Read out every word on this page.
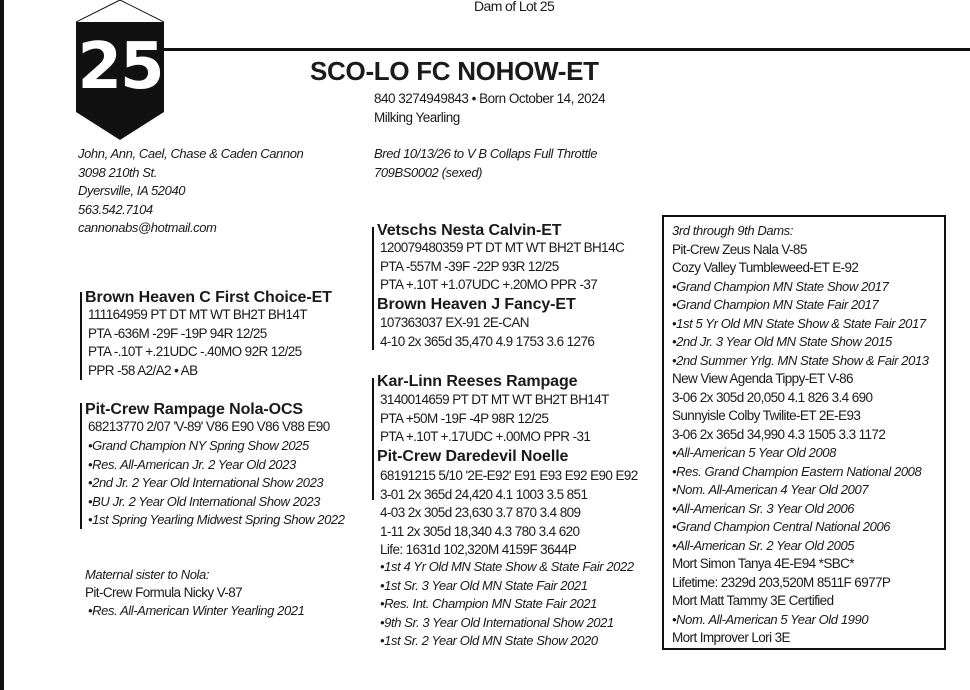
25
Dam of Lot 25
SCO-LO FC NOHOW-ET
840 3274949843 • Born October 14, 2024
Milking Yearling
John, Ann, Cael, Chase & Caden Cannon
3098 210th St.
Dyersville, IA 52040
563.542.7104
cannonabs@hotmail.com
Bred 10/13/26 to V B Collaps Full Throttle
709BS0002 (sexed)
Brown Heaven C First Choice-ET
111164959 PT DT MT WT BH2T BH14T
PTA -636M -29F -19P 94R 12/25
PTA -.10T +.21UDC -.40MO 92R 12/25
PPR -58 A2/A2 • AB
Pit-Crew Rampage Nola-OCS
68213770 2/07 'V-89' V86 E90 V86 V88 E90
•Grand Champion NY Spring Show 2025
•Res. All-American Jr. 2 Year Old 2023
•2nd Jr. 2 Year Old International Show 2023
•BU Jr. 2 Year Old International Show 2023
•1st Spring Yearling Midwest Spring Show 2022
Maternal sister to Nola:
Pit-Crew Formula Nicky V-87
•Res. All-American Winter Yearling 2021
Vetschs Nesta Calvin-ET
120079480359 PT DT MT WT BH2T BH14C
PTA -557M -39F -22P 93R 12/25
PTA +.10T +1.07UDC +.20MO PPR -37
Brown Heaven J Fancy-ET
107363037 EX-91 2E-CAN
4-10 2x 365d 35,470 4.9 1753 3.6 1276
Kar-Linn Reeses Rampage
3140014659 PT DT MT WT BH2T BH14T
PTA +50M -19F -4P 98R 12/25
PTA +.10T +.17UDC +.00MO PPR -31
Pit-Crew Daredevil Noelle
68191215 5/10 '2E-E92' E91 E93 E92 E90 E92
3-01 2x 365d 24,420 4.1 1003 3.5 851
4-03 2x 305d 23,630 3.7 870 3.4 809
1-11 2x 305d 18,340 4.3 780 3.4 620
Life: 1631d 102,320M 4159F 3644P
•1st 4 Yr Old MN State Show & State Fair 2022
•1st Sr. 3 Year Old MN State Fair 2021
•Res. Int. Champion MN State Fair 2021
•9th Sr. 3 Year Old International Show 2021
•1st Sr. 2 Year Old MN State Show 2020
3rd through 9th Dams:
Pit-Crew Zeus Nala V-85
Cozy Valley Tumbleweed-ET E-92
•Grand Champion MN State Show 2017
•Grand Champion MN State Fair 2017
•1st 5 Yr Old MN State Show & State Fair 2017
•2nd Jr. 3 Year Old MN State Show 2015
•2nd Summer Yrlg. MN State Show & Fair 2013
New View Agenda Tippy-ET V-86
3-06 2x 305d 20,050 4.1 826 3.4 690
Sunnyisle Colby Twilite-ET 2E-E93
3-06 2x 365d 34,990 4.3 1505 3.3 1172
•All-American 5 Year Old 2008
•Res. Grand Champion Eastern National 2008
•Nom. All-American 4 Year Old 2007
•All-American Sr. 3 Year Old 2006
•Grand Champion Central National 2006
•All-American Sr. 2 Year Old 2005
Mort Simon Tanya 4E-E94 *SBC*
Lifetime: 2329d 203,520M 8511F 6977P
Mort Matt Tammy 3E Certified
•Nom. All-American 5 Year Old 1990
Mort Improver Lori 3E
